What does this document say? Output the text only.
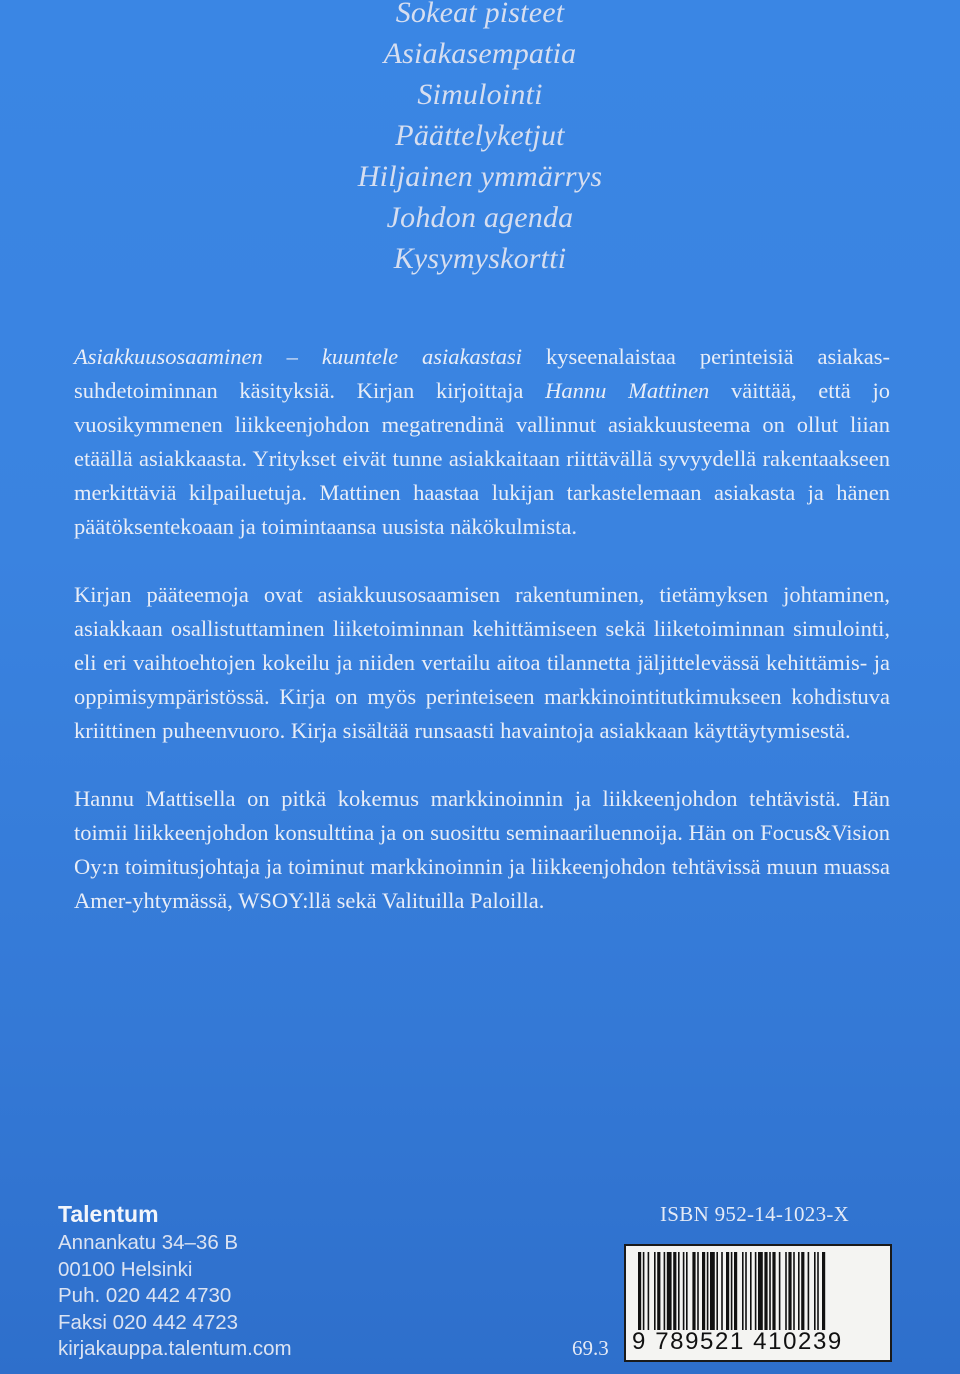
Sokeat pisteet
Asiakasempatia
Simulointi
Päättelyketjut
Hiljainen ymmärrys
Johdon agenda
Kysymyskortti

Asiakkuusosaaminen – kuuntele asiakastasi kyseenalaistaa perinteisiä asiakassuhdetoiminnan käsityksiä. Kirjan kirjoittaja Hannu Mattinen väittää, että jo vuosikymmenen liikkeenjohdon megatrendinä vallinnut asiakkuusteema on ollut liian etäällä asiakkaasta. Yritykset eivät tunne asiakkaitaan riittävällä syvyydellä rakentaakseen merkittäviä kilpailuetuja. Mattinen haastaa lukijan tarkastelemaan asiakasta ja hänen päätöksentekoaan ja toimintaansa uusista näkökulmista.

Kirjan pääteemoja ovat asiakkuusosaamisen rakentuminen, tietämyksen johtaminen, asiakkaan osallistuttaminen liiketoiminnan kehittämiseen sekä liiketoiminnan simulointi, eli eri vaihtoehtojen kokeilu ja niiden vertailu aitoa tilannetta jäljittelevässä kehittämis- ja oppimisympäristössä. Kirja on myös perinteiseen markkinointitutkimukseen kohdistuva kriittinen puheenvuoro. Kirja sisältää runsaasti havaintoja asiakkaan käyttäytymisestä.

Hannu Mattisella on pitkä kokemus markkinoinnin ja liikkeenjohdon tehtävistä. Hän toimii liikkeenjohdon konsulttina ja on suosittu seminaariluennoija. Hän on Focus&Vision Oy:n toimitusjohtaja ja toiminut markkinoinnin ja liikkeenjohdon tehtävissä muun muassa Amer-yhtymässä, WSOY:llä sekä Valituilla Paloilla.

Talentum
Annankatu 34–36 B
00100 Helsinki
Puh. 020 442 4730
Faksi 020 442 4723
kirjakauppa.talentum.com
ISBN 952-14-1023-X
69.3 9 789521 410239
